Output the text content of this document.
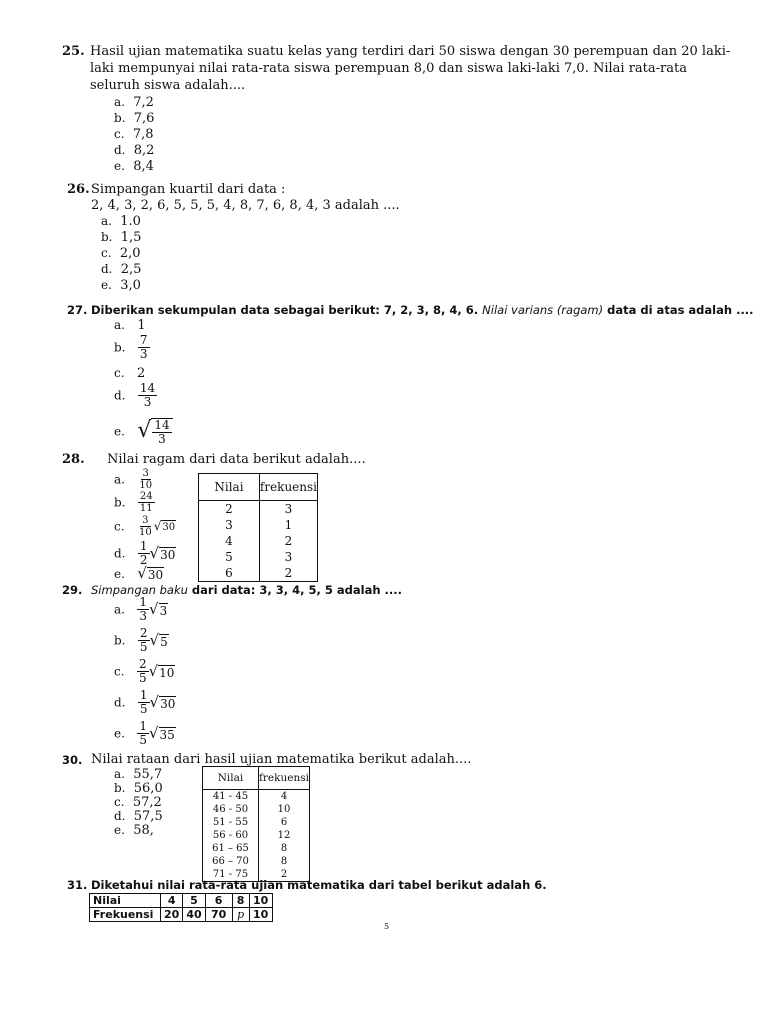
25. Hasil ujian matematika suatu kelas yang terdiri dari 50 siswa dengan 30 perempuan dan 20 laki-
laki mempunyai nilai rata-rata siswa perempuan 8,0 dan siswa laki-laki 7,0. Nilai rata-rata
seluruh siswa adalah....
a. 7,2
b. 7,6
c. 7,8
d. 8,2
e. 8,4
26. Simpangan kuartil dari data :
2, 4, 3, 2, 6, 5, 5, 5, 4, 8, 7, 6, 8, 4, 3 adalah ....
a. 1.0
b. 1,5
c. 2,0
d. 2,5
e. 3,0
27. Diberikan sekumpulan data sebagai berikut: 7, 2, 3, 8, 4, 6. Nilai varians (ragam) data di atas adalah ....
a. 1
b. $\frac{7}{3}$
c. 2
d. $\frac{14}{3}$
e. √ $\frac{14}{3}$
28. Nilai ragam dari data berikut adalah....
a. $\frac{3}{10}$
b. $\frac{24}{11}$
c. $\frac{3}{10}$ √ 30
d. $\frac{1}{2}$ √ 30
e. √ 30
Nilai	frekuensi
2	3
3	1
4	2
5	3
6	2
29. Simpangan baku dari data: 3, 3, 4, 5, 5 adalah ....
a. $\frac{1}{3}$ √ 3
b. $\frac{2}{5}$ √ 5
c. $\frac{2}{5}$ √ 10
d. $\frac{1}{5}$ √ 30
e. $\frac{1}{5}$ √ 35
30. Nilai rataan dari hasil ujian matematika berikut adalah....
a. 55,7
b. 56,0
c. 57,2
d. 57,5
e. 58,
Nilai	frekuensi
41 - 45	4
46 - 50	10
51 - 55	6
56 - 60	12
61 – 65	8
66 – 70	8
71 - 75	2
31. Diketahui nilai rata-rata ujian matematika dari tabel berikut adalah 6.
Nilai	4	5	6	8	10
Frekuensi	20	40	70	p	10
5
